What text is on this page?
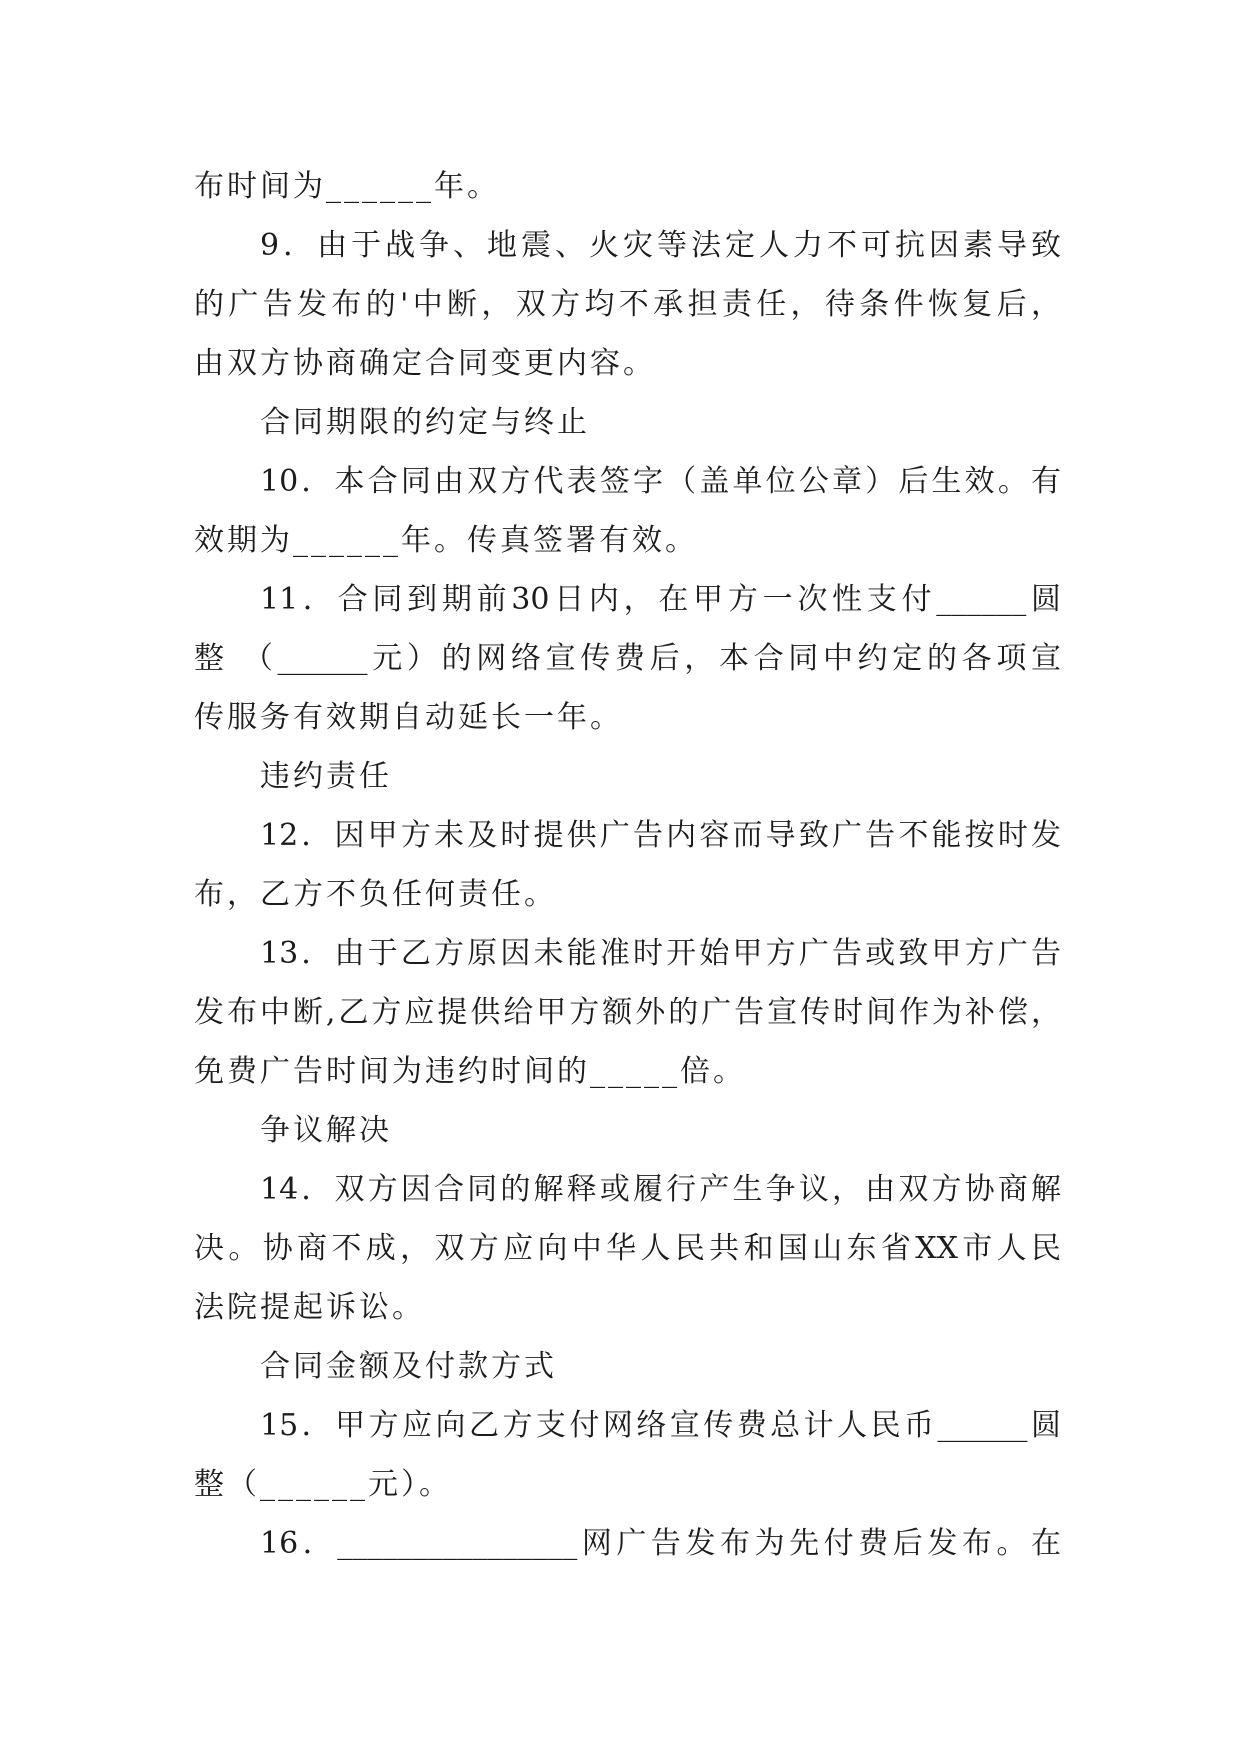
布时间为______年。
9．由于战争、地震、火灾等法定人力不可抗因素导致
的广告发布的'中断，双方均不承担责任，待条件恢复后，
由双方协商确定合同变更内容。
合同期限的约定与终止
10．本合同由双方代表签字（盖单位公章）后生效。有
效期为______年。传真签署有效。
11．合同到期前30日内，在甲方一次性支付______圆
整 （______元）的网络宣传费后，本合同中约定的各项宣
传服务有效期自动延长一年。
违约责任
12．因甲方未及时提供广告内容而导致广告不能按时发
布，乙方不负任何责任。
13．由于乙方原因未能准时开始甲方广告或致甲方广告
发布中断,乙方应提供给甲方额外的广告宣传时间作为补偿，
免费广告时间为违约时间的_____倍。
争议解决
14．双方因合同的解释或履行产生争议，由双方协商解
决。协商不成，双方应向中华人民共和国山东省XX市人民
法院提起诉讼。
合同金额及付款方式
15．甲方应向乙方支付网络宣传费总计人民币______圆
整（______元）。
16．________________网广告发布为先付费后发布。在
